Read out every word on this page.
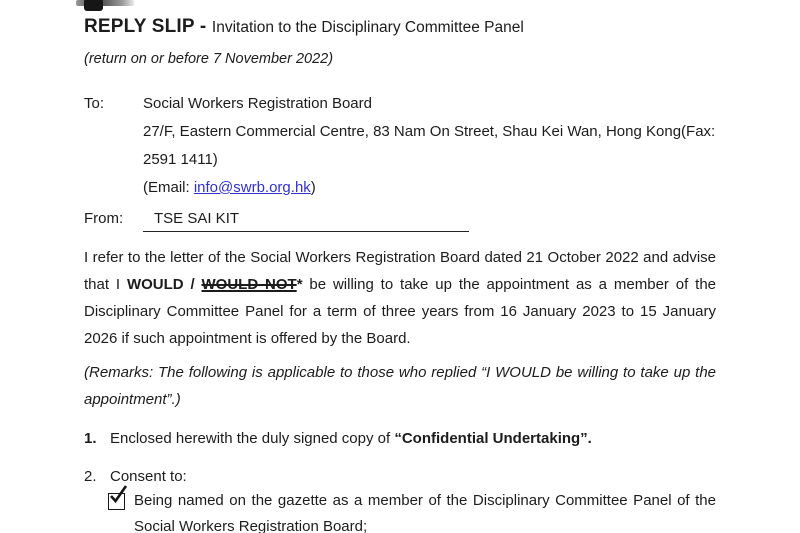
REPLY SLIP - Invitation to the Disciplinary Committee Panel
(return on or before 7 November 2022)
To:	Social Workers Registration Board
27/F, Eastern Commercial Centre, 83 Nam On Street, Shau Kei Wan, Hong Kong(Fax: 2591 1411)
(Email: info@swrb.org.hk)
From:	TSE SAI KIT
I refer to the letter of the Social Workers Registration Board dated 21 October 2022 and advise that I WOULD / WOULD NOT* be willing to take up the appointment as a member of the Disciplinary Committee Panel for a term of three years from 16 January 2023 to 15 January 2026 if such appointment is offered by the Board.
(Remarks: The following is applicable to those who replied “I WOULD be willing to take up the appointment”.)
1. Enclosed herewith the duly signed copy of “Confidential Undertaking”.
2. Consent to:
Being named on the gazette as a member of the Disciplinary Committee Panel of the Social Workers Registration Board;
